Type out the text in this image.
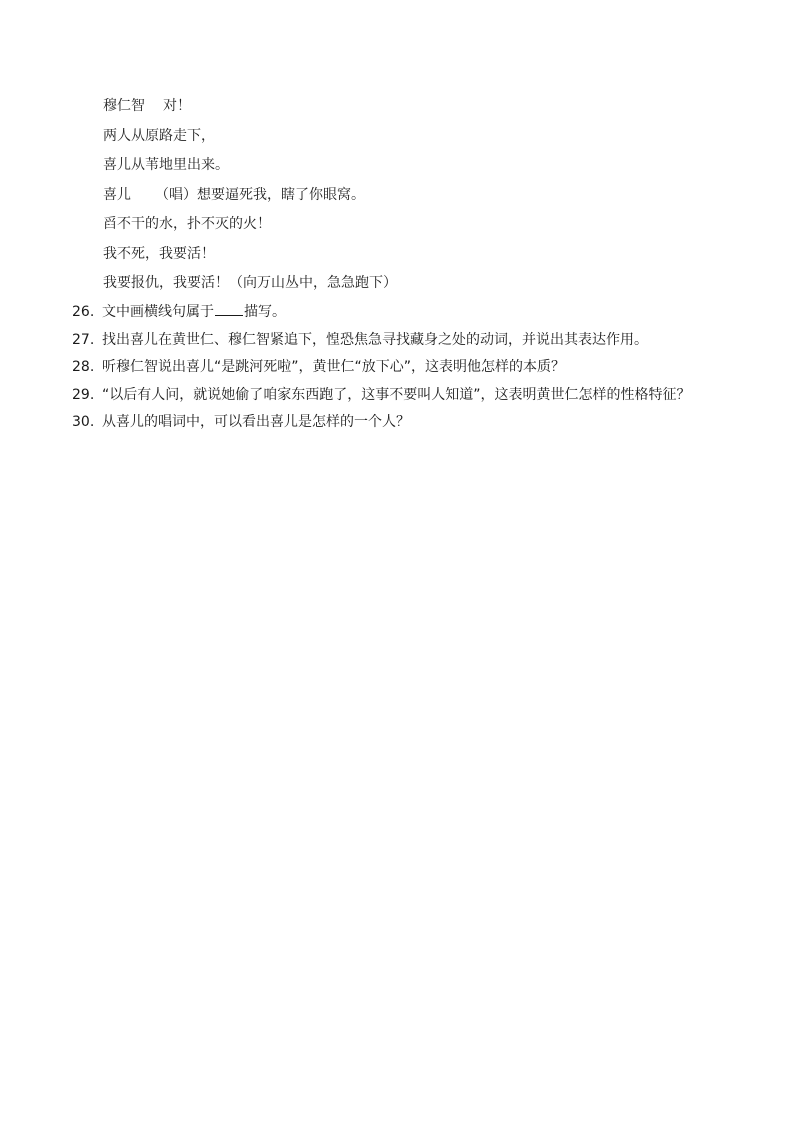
穆仁智 对！
两人从原路走下，
喜儿从苇地里出来。
喜儿 （唱）想要逼死我，瞎了你眼窝。
舀不干的水，扑不灭的火！
我不死，我要活！
我要报仇，我要活！（向万山丛中，急急跑下）
26. 文中画横线句属于 描写。
27. 找出喜儿在黄世仁、穆仁智紧追下，惶恐焦急寻找藏身之处的动词，并说出其表达作用。
28. 听穆仁智说出喜儿“是跳河死啦”，黄世仁“放下心”，这表明他怎样的本质？
29. “以后有人问，就说她偷了咱家东西跑了，这事不要叫人知道”，这表明黄世仁怎样的性格特征？
30. 从喜儿的唱词中，可以看出喜儿是怎样的一个人？
